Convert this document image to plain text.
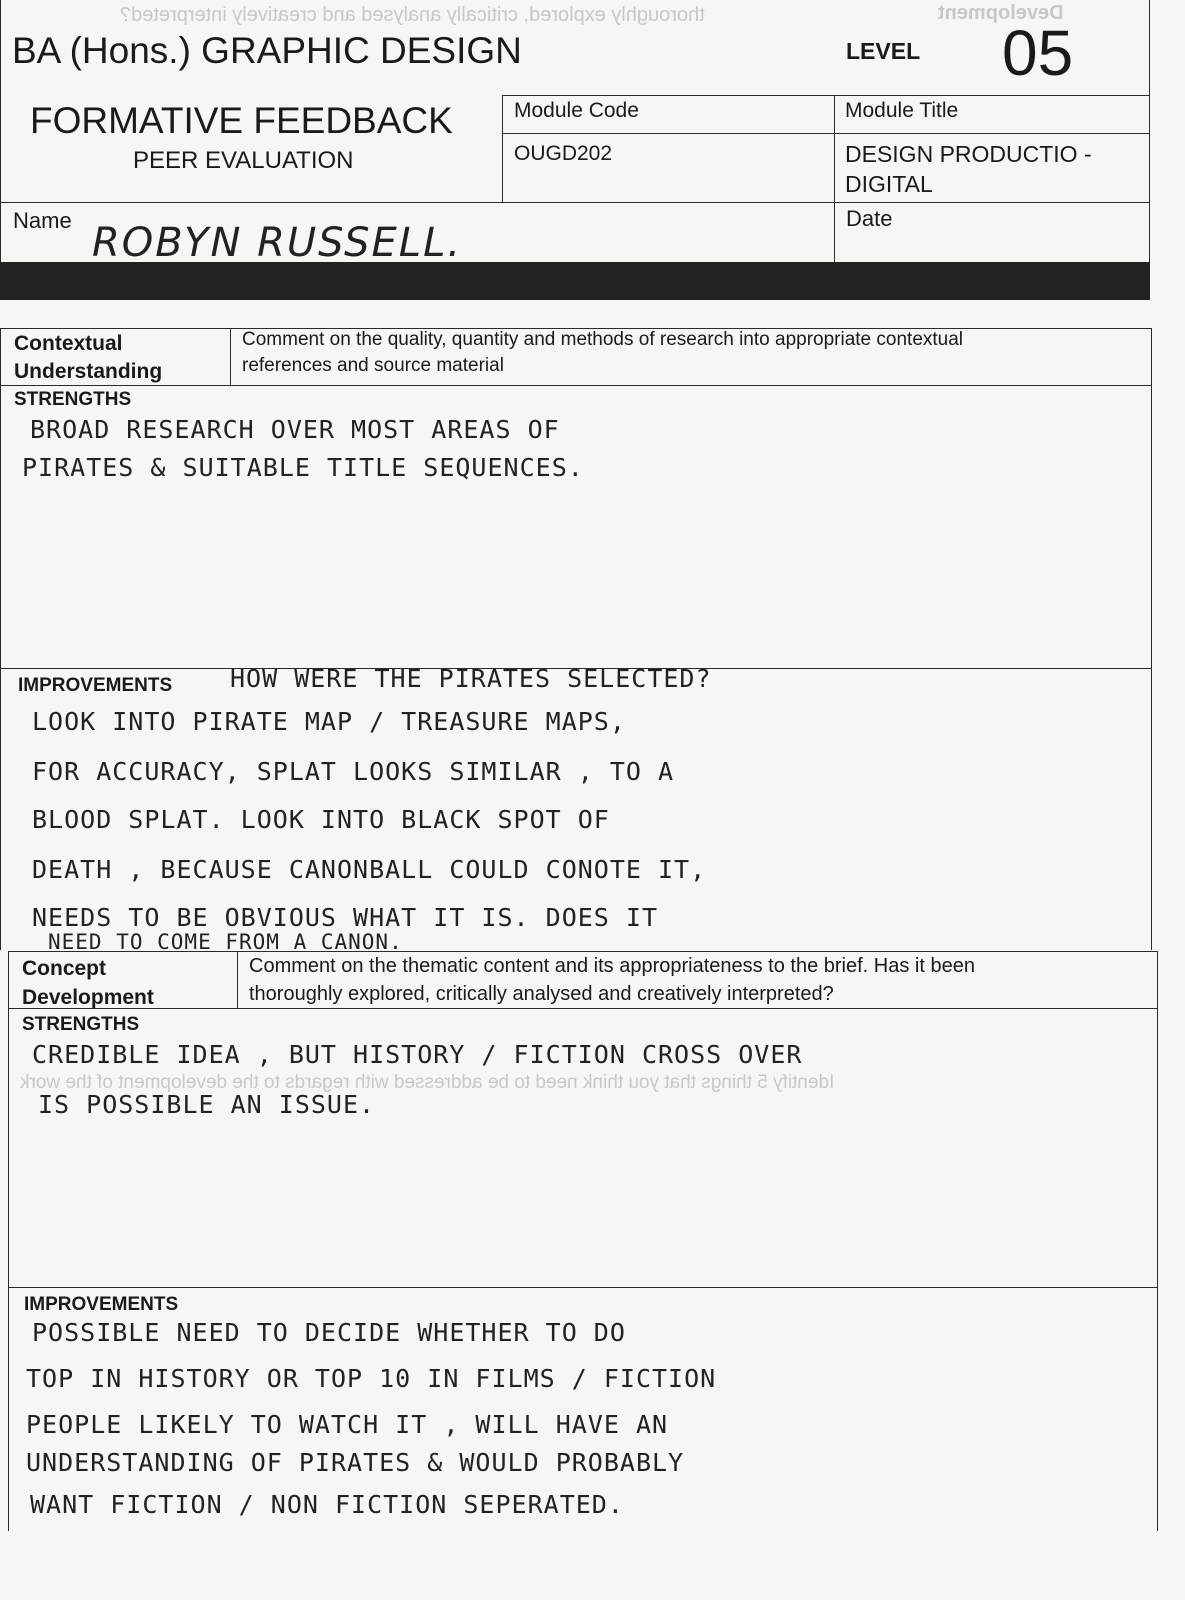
thoroughly explored, critically analysed and creatively interpreted?	Development
Identify 5 things that you think need to be addressed with regards to the development of the work
BA (Hons.) GRAPHIC DESIGN	LEVEL 05
FORMATIVE FEEDBACK
PEER EVALUATION
Module Code
OUGD202
Module Title
DESIGN PRODUCTIO -
DIGITAL
Name ROBYN RUSSELL.
Date
Contextual
Understanding
Comment on the quality, quantity and methods of research into appropriate contextual
references and source material
STRENGTHS
BROAD RESEARCH OVER MOST AREAS OF
PIRATES & SUITABLE TITLE SEQUENCES.
IMPROVEMENTS HOW WERE THE PIRATES SELECTED?
LOOK INTO PIRATE MAP / TREASURE MAPS,
FOR ACCURACY, SPLAT LOOKS SIMILAR , TO A
BLOOD SPLAT. LOOK INTO BLACK SPOT OF
DEATH , BECAUSE CANONBALL COULD CONOTE IT,
NEEDS TO BE OBVIOUS WHAT IT IS. DOES IT
NEED TO COME FROM A CANON.
Concept
Development
Comment on the thematic content and its appropriateness to the brief. Has it been
thoroughly explored, critically analysed and creatively interpreted?
STRENGTHS
CREDIBLE IDEA , BUT HISTORY / FICTION CROSS OVER
IS POSSIBLE AN ISSUE.
IMPROVEMENTS
POSSIBLE NEED TO DECIDE WHETHER TO DO
TOP IN HISTORY OR TOP 10 IN FILMS / FICTION
PEOPLE LIKELY TO WATCH IT , WILL HAVE AN
UNDERSTANDING OF PIRATES & WOULD PROBABLY
WANT FICTION / NON FICTION SEPERATED.
